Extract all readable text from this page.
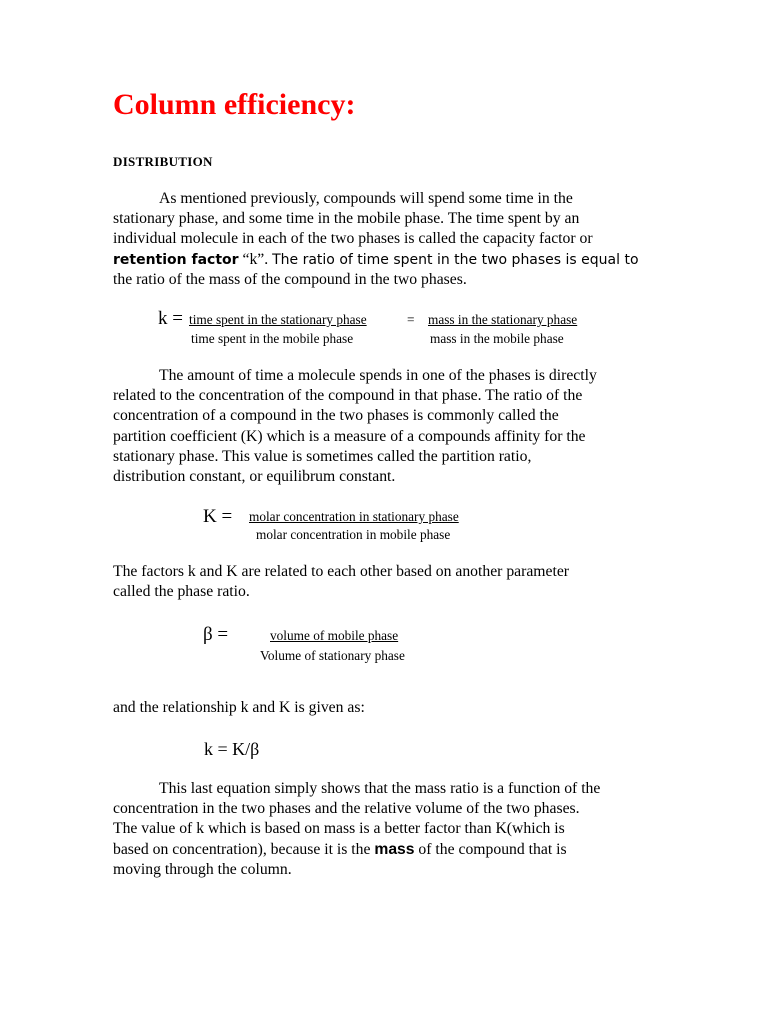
Column efficiency:
DISTRIBUTION
As mentioned previously, compounds will spend some time in the
stationary phase, and some time in the mobile phase. The time spent by an
individual molecule in each of the two phases is called the capacity factor or
retention factor “k”. The ratio of time spent in the two phases is equal to
the ratio of the mass of the compound in the two phases.
k = time spent in the stationary phase	= mass in the stationary phase
time spent in the mobile phase	mass in the mobile phase
The amount of time a molecule spends in one of the phases is directly
related to the concentration of the compound in that phase. The ratio of the
concentration of a compound in the two phases is commonly called the
partition coefficient (K) which is a measure of a compounds affinity for the
stationary phase. This value is sometimes called the partition ratio,
distribution constant, or equilibrum constant.
K = molar concentration in stationary phase
molar concentration in mobile phase
The factors k and K are related to each other based on another parameter
called the phase ratio.
β =	volume of mobile phase
Volume of stationary phase
and the relationship k and K is given as:
k = K/β
This last equation simply shows that the mass ratio is a function of the
concentration in the two phases and the relative volume of the two phases.
The value of k which is based on mass is a better factor than K(which is
based on concentration), because it is the mass of the compound that is
moving through the column.
